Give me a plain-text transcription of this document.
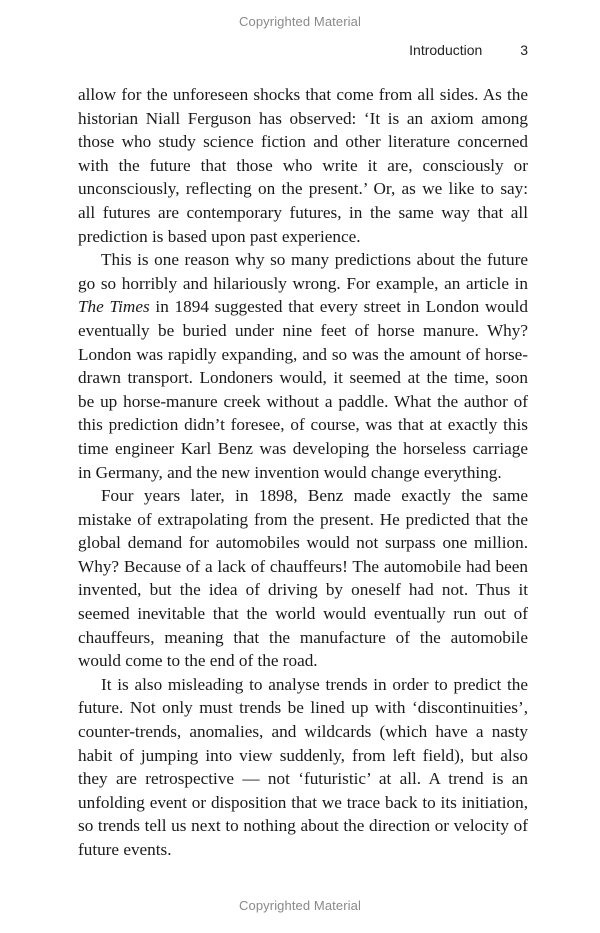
Copyrighted Material
Introduction	3

allow for the unforeseen shocks that come from all sides. As the historian Niall Ferguson has observed: ‘It is an axiom among those who study science fiction and other literature concerned with the future that those who write it are, consciously or unconsciously, reflecting on the present.’ Or, as we like to say: all futures are contemporary futures, in the same way that all prediction is based upon past experience.

This is one reason why so many predictions about the future go so horribly and hilariously wrong. For example, an article in The Times in 1894 suggested that every street in London would eventually be buried under nine feet of horse manure. Why? London was rapidly expanding, and so was the amount of horse-drawn transport. Londoners would, it seemed at the time, soon be up horse-manure creek without a paddle. What the author of this prediction didn’t foresee, of course, was that at exactly this time engineer Karl Benz was developing the horseless carriage in Germany, and the new invention would change everything.

Four years later, in 1898, Benz made exactly the same mistake of extrapolating from the present. He predicted that the global demand for automobiles would not surpass one million. Why? Because of a lack of chauffeurs! The automobile had been invented, but the idea of driving by oneself had not. Thus it seemed inevitable that the world would eventually run out of chauffeurs, meaning that the manufacture of the automobile would come to the end of the road.

It is also misleading to analyse trends in order to predict the future. Not only must trends be lined up with ‘discontinuities’, counter-trends, anomalies, and wildcards (which have a nasty habit of jumping into view suddenly, from left field), but also they are retrospective — not ‘futuristic’ at all. A trend is an unfolding event or disposition that we trace back to its initiation, so trends tell us next to nothing about the direction or velocity of future events.

Copyrighted Material
